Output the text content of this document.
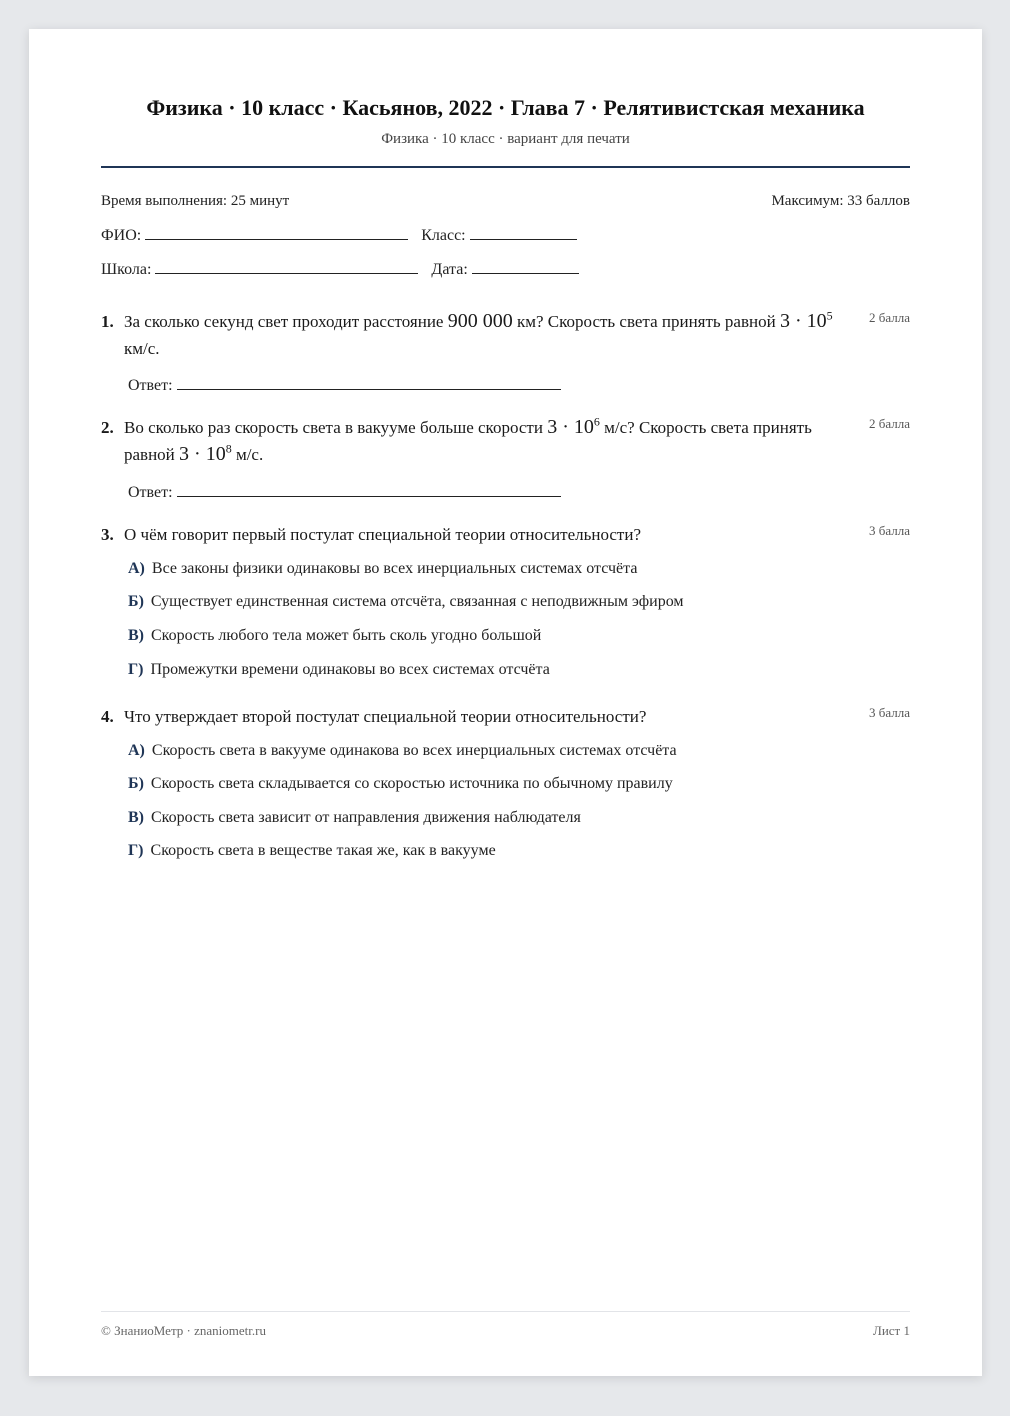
Физика · 10 класс · Касьянов, 2022 · Глава 7 · Релятивистская механика
Физика · 10 класс · вариант для печати
Время выполнения: 25 минут	Максимум: 33 баллов
ФИО:	Класс:
Школа:	Дата:
1. За сколько секунд свет проходит расстояние 900 000 км? Скорость света принять равной $3 \cdot 10^5$ км/с.
2 балла
Ответ:
2. Во сколько раз скорость света в вакууме больше скорости $3 \cdot 10^6$ м/с? Скорость света принять равной $3 \cdot 10^8$ м/с.
2 балла
Ответ:
3. О чём говорит первый постулат специальной теории относительности?	3 балла
А) Все законы физики одинаковы во всех инерциальных системах отсчёта
Б) Существует единственная система отсчёта, связанная с неподвижным эфиром
В) Скорость любого тела может быть сколь угодно большой
Г) Промежутки времени одинаковы во всех системах отсчёта
4. Что утверждает второй постулат специальной теории относительности?	3 балла
А) Скорость света в вакууме одинакова во всех инерциальных системах отсчёта
Б) Скорость света складывается со скоростью источника по обычному правилу
В) Скорость света зависит от направления движения наблюдателя
Г) Скорость света в веществе такая же, как в вакууме
© ЗнаниоМетр · znaniometr.ru	Лист 1
